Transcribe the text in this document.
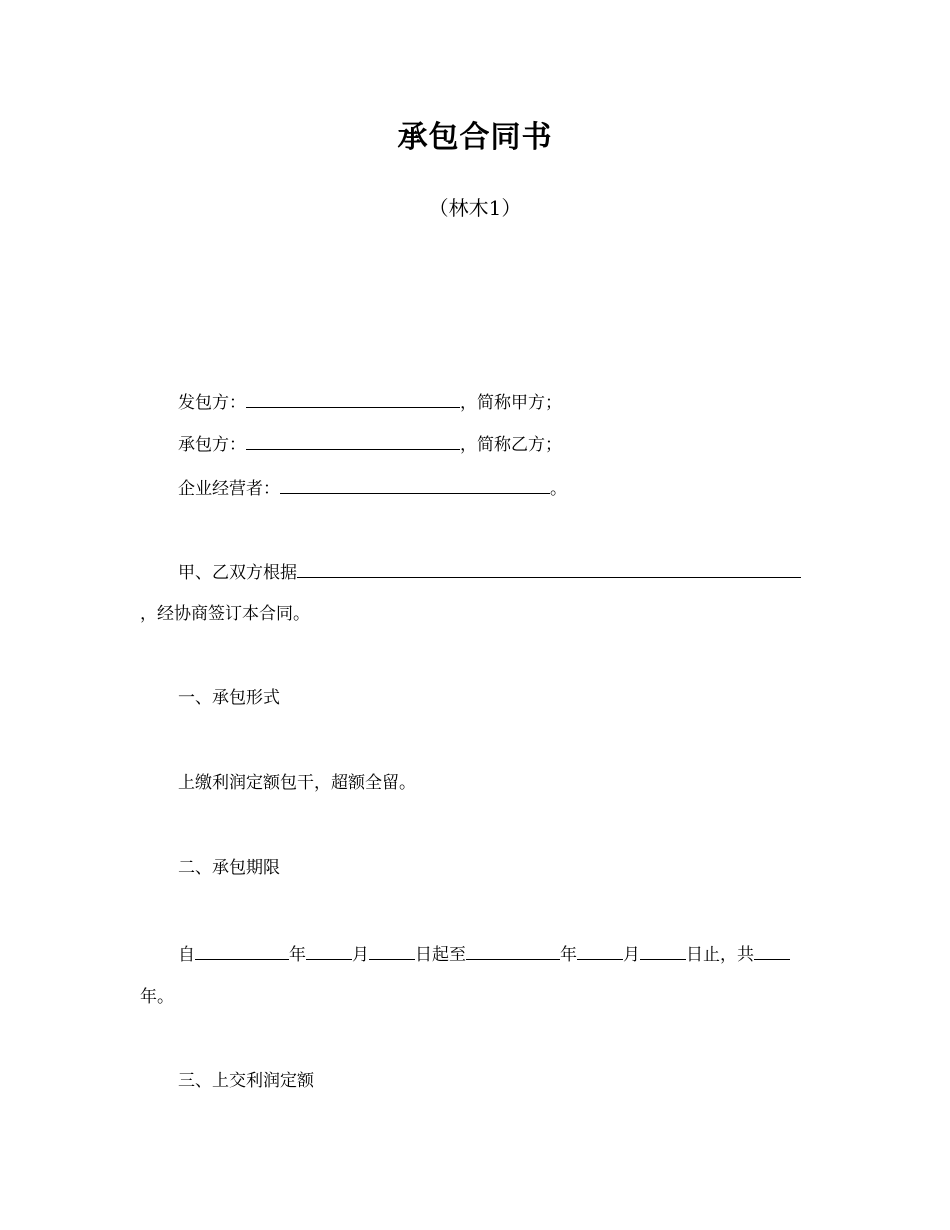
承包合同书
（林木1）
发包方：	，简称甲方；
承包方：	，简称乙方；
企业经营者：	。
甲、乙双方根据
，经协商签订本合同。
一、承包形式
上缴利润定额包干，超额全留。
二、承包期限
自	年	月	日起至	年	月	日止，共
年。
三、上交利润定额
